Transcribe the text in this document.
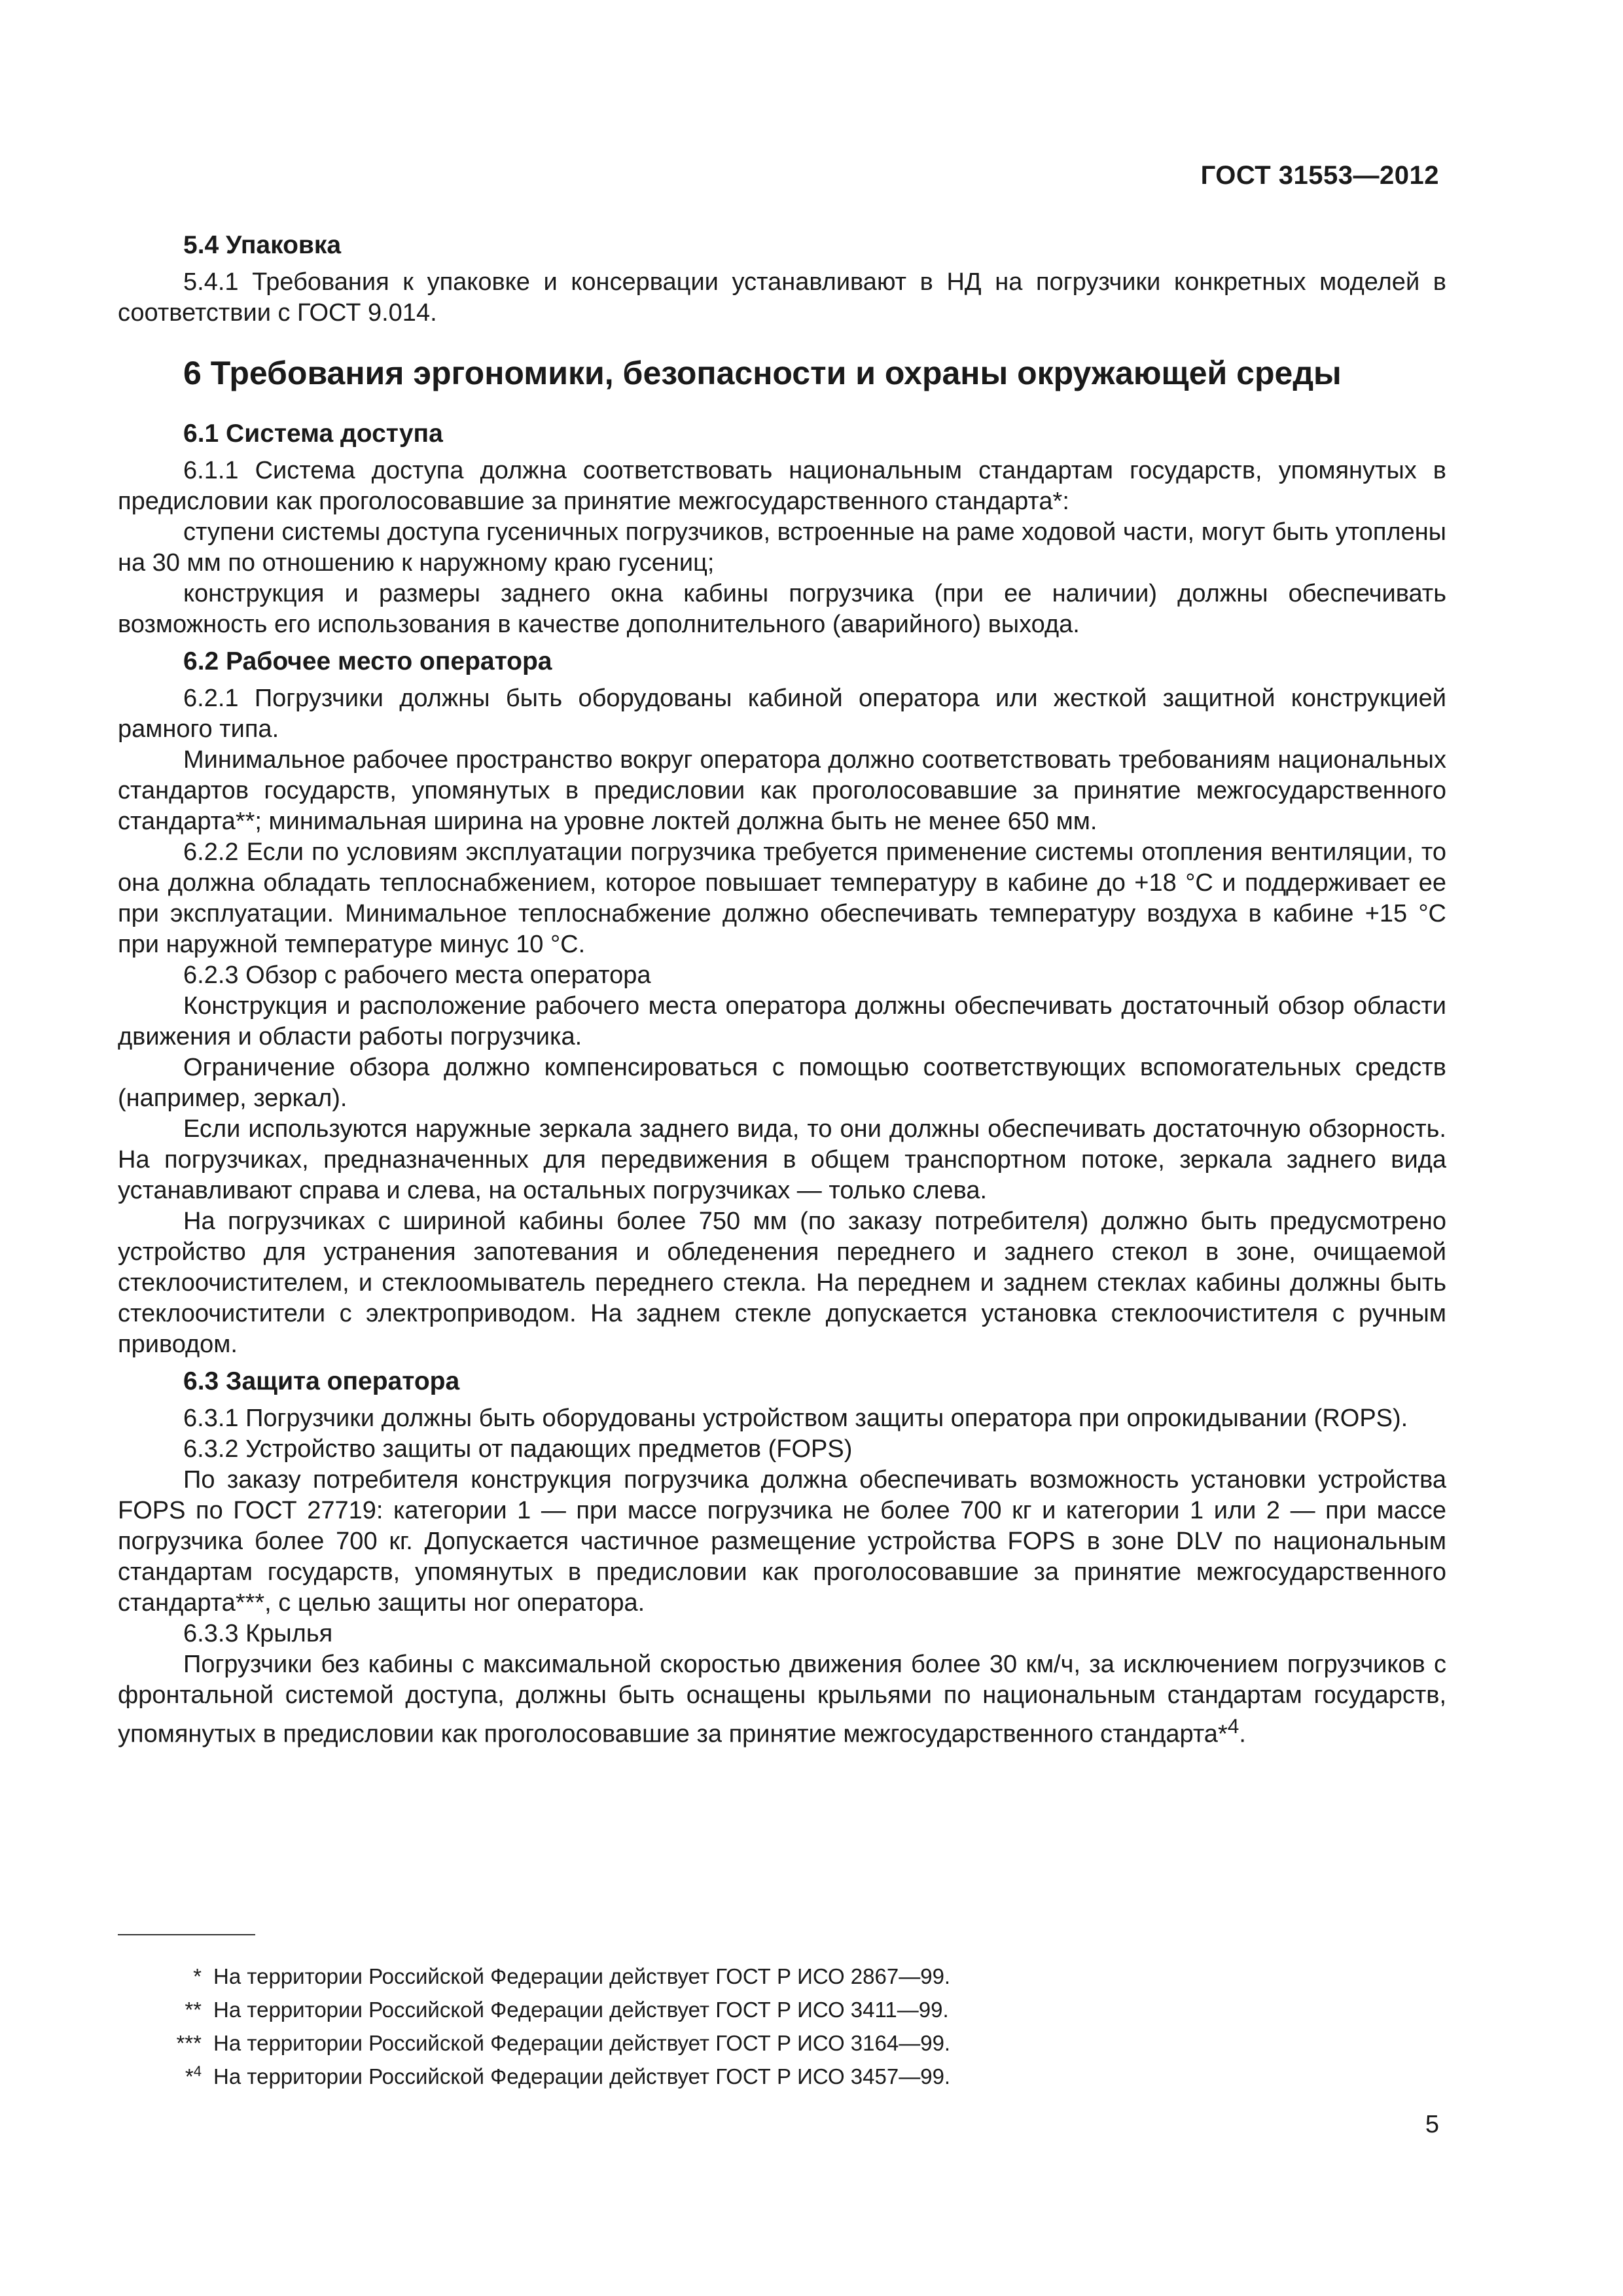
ГОСТ 31553—2012
5.4 Упаковка

5.4.1 Требования к упаковке и консервации устанавливают в НД на погрузчики конкретных моделей в соответствии с ГОСТ 9.014.

6 Требования эргономики, безопасности и охраны окружающей среды
6.1 Система доступа

6.1.1 Система доступа должна соответствовать национальным стандартам государств, упомянутых в предисловии как проголосовавшие за принятие межгосударственного стандарта*:

ступени системы доступа гусеничных погрузчиков, встроенные на раме ходовой части, могут быть утоплены на 30 мм по отношению к наружному краю гусениц;

конструкция и размеры заднего окна кабины погрузчика (при ее наличии) должны обеспечивать возможность его использования в качестве дополнительного (аварийного) выхода.

6.2 Рабочее место оператора

6.2.1 Погрузчики должны быть оборудованы кабиной оператора или жесткой защитной конструкцией рамного типа.

Минимальное рабочее пространство вокруг оператора должно соответствовать требованиям национальных стандартов государств, упомянутых в предисловии как проголосовавшие за принятие межгосударственного стандарта**; минимальная ширина на уровне локтей должна быть не менее 650 мм.

6.2.2 Если по условиям эксплуатации погрузчика требуется применение системы отопления вентиляции, то она должна обладать теплоснабжением, которое повышает температуру в кабине до +18 °C и поддерживает ее при эксплуатации. Минимальное теплоснабжение должно обеспечивать температуру воздуха в кабине +15 °C при наружной температуре минус 10 °C.

6.2.3 Обзор с рабочего места оператора

Конструкция и расположение рабочего места оператора должны обеспечивать достаточный обзор области движения и области работы погрузчика.

Ограничение обзора должно компенсироваться с помощью соответствующих вспомогательных средств (например, зеркал).

Если используются наружные зеркала заднего вида, то они должны обеспечивать достаточную обзорность. На погрузчиках, предназначенных для передвижения в общем транспортном потоке, зеркала заднего вида устанавливают справа и слева, на остальных погрузчиках — только слева.

На погрузчиках с шириной кабины более 750 мм (по заказу потребителя) должно быть предусмотрено устройство для устранения запотевания и обледенения переднего и заднего стекол в зоне, очищаемой стеклоочистителем, и стеклоомыватель переднего стекла. На переднем и заднем стеклах кабины должны быть стеклоочистители с электроприводом. На заднем стекле допускается установка стеклоочистителя с ручным приводом.

6.3 Защита оператора

6.3.1 Погрузчики должны быть оборудованы устройством защиты оператора при опрокидывании (ROPS).

6.3.2 Устройство защиты от падающих предметов (FOPS)

По заказу потребителя конструкция погрузчика должна обеспечивать возможность установки устройства FOPS по ГОСТ 27719: категории 1 — при массе погрузчика не более 700 кг и категории 1 или 2 — при массе погрузчика более 700 кг. Допускается частичное размещение устройства FOPS в зоне DLV по национальным стандартам государств, упомянутых в предисловии как проголосовавшие за принятие межгосударственного стандарта***, с целью защиты ног оператора.

6.3.3 Крылья

Погрузчики без кабины с максимальной скоростью движения более 30 км/ч, за исключением погрузчиков с фронтальной системой доступа, должны быть оснащены крыльями по национальным стандартам государств, упомянутых в предисловии как проголосовавшие за принятие межгосударственного стандарта*$^4$.

* На территории Российской Федерации действует ГОСТ Р ИСО 2867—99.
** На территории Российской Федерации действует ГОСТ Р ИСО 3411—99.
*** На территории Российской Федерации действует ГОСТ Р ИСО 3164—99.
*$^4$ На территории Российской Федерации действует ГОСТ Р ИСО 3457—99.
5
